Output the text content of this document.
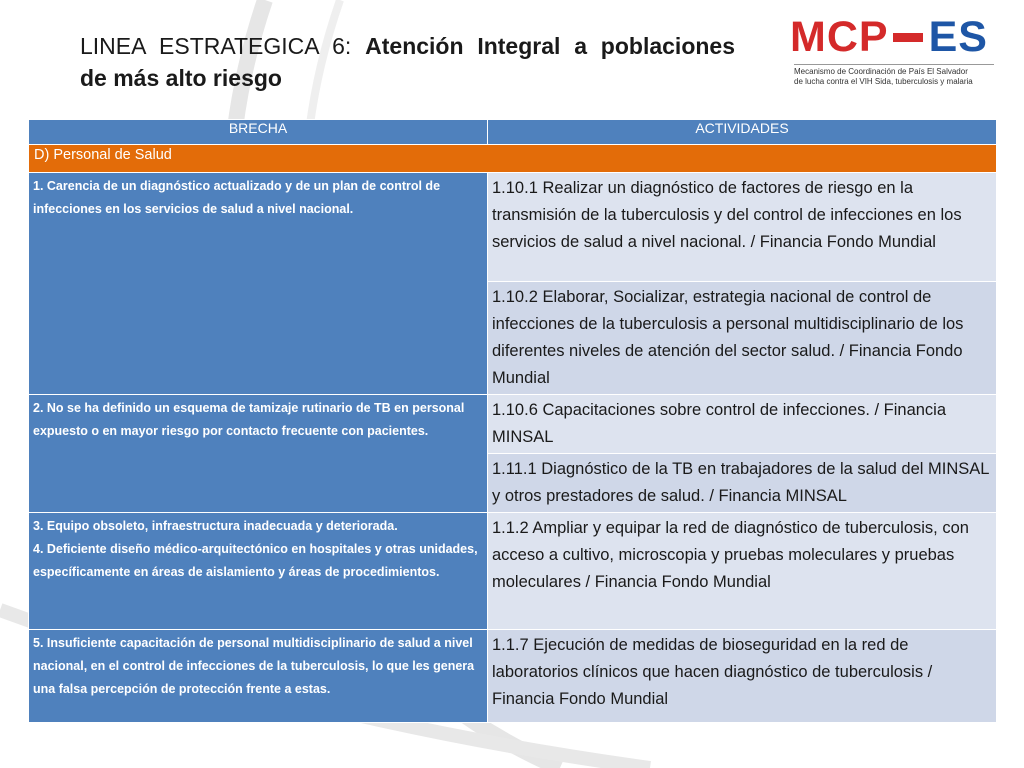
LINEA ESTRATEGICA 6: Atención Integral a poblaciones
de más alto riesgo
MCP ES
Mecanismo de Coordinación de País El Salvador
de lucha contra el VIH Sida, tuberculosis y malaria
BRECHA	ACTIVIDADES
D) Personal de Salud	

1. Carencia de un diagnóstico actualizado y de un plan de control de infecciones en los servicios de salud a nivel nacional.	1.10.1 Realizar un diagnóstico de factores de riesgo en la transmisión de la tuberculosis y del control de infecciones en los servicios de salud a nivel nacional. / Financia Fondo Mundial
	1.10.2 Elaborar, Socializar, estrategia nacional de control de infecciones de la tuberculosis a personal multidisciplinario de los diferentes niveles de atención del sector salud. / Financia Fondo Mundial

2. No se ha definido un esquema de tamizaje rutinario de TB en personal expuesto o en mayor riesgo por contacto frecuente con pacientes.	1.10.6 Capacitaciones sobre control de infecciones. / Financia MINSAL
	1.11.1 Diagnóstico de la TB en trabajadores de la salud del MINSAL y otros prestadores de salud. / Financia MINSAL

3. Equipo obsoleto, infraestructura inadecuada y deteriorada.
4. Deficiente diseño médico-arquitectónico en hospitales y otras unidades, específicamente en áreas de aislamiento y áreas de procedimientos.	1.1.2 Ampliar y equipar la red de diagnóstico de tuberculosis, con acceso a cultivo, microscopia y pruebas moleculares y pruebas moleculares / Financia Fondo Mundial

5. Insuficiente capacitación de personal multidisciplinario de salud a nivel nacional, en el control de infecciones de la tuberculosis, lo que les genera una falsa percepción de protección frente a estas.	1.1.7 Ejecución de medidas de bioseguridad en la red de laboratorios clínicos que hacen diagnóstico de tuberculosis / Financia Fondo Mundial
